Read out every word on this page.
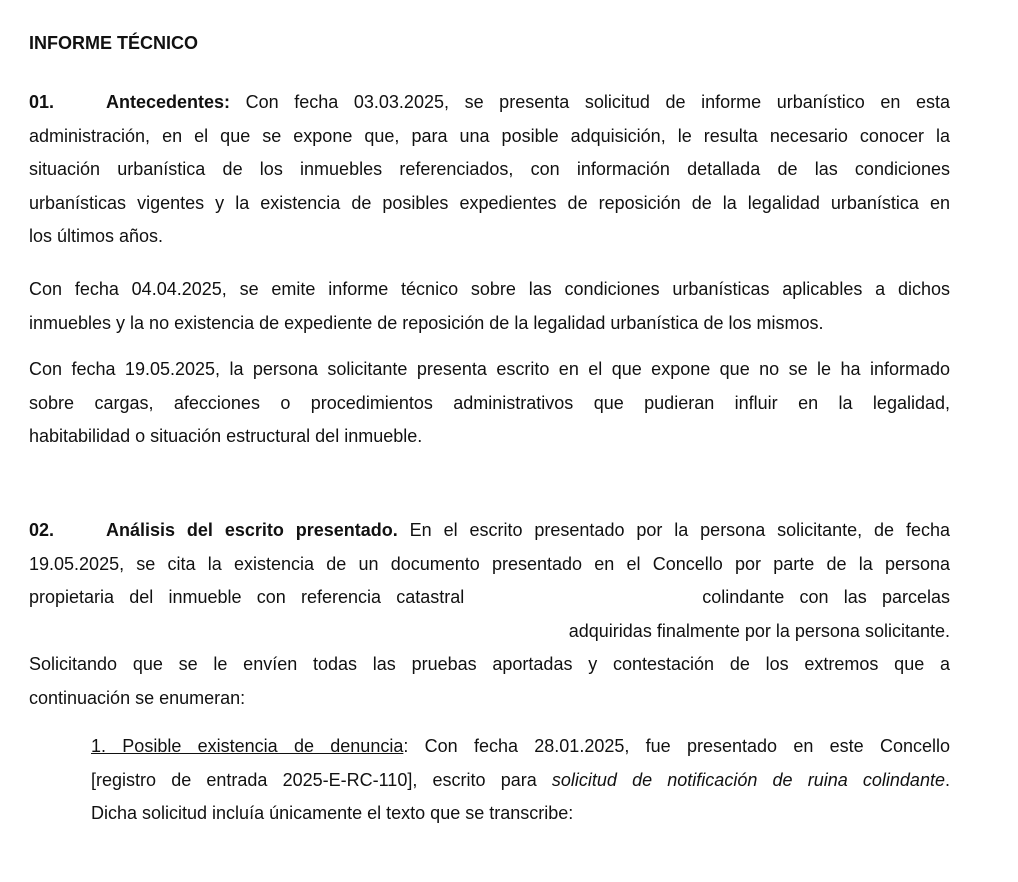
INFORME TÉCNICO
01.	Antecedentes: Con fecha 03.03.2025, se presenta solicitud de informe urbanístico en esta
administración, en el que se expone que, para una posible adquisición, le resulta necesario conocer la
situación urbanística de los inmuebles referenciados, con información detallada de las condiciones
urbanísticas vigentes y la existencia de posibles expedientes de reposición de la legalidad urbanística en
los últimos años.
Con fecha 04.04.2025, se emite informe técnico sobre las condiciones urbanísticas aplicables a dichos
inmuebles y la no existencia de expediente de reposición de la legalidad urbanística de los mismos.
Con fecha 19.05.2025, la persona solicitante presenta escrito en el que expone que no se le ha informado
sobre cargas, afecciones o procedimientos administrativos que pudieran influir en la legalidad,
habitabilidad o situación estructural del inmueble.
02.	Análisis del escrito presentado. En el escrito presentado por la persona solicitante, de fecha
19.05.2025, se cita la existencia de un documento presentado en el Concello por parte de la persona
propietaria del inmueble con referencia catastral	colindante con las parcelas
adquiridas finalmente por la persona solicitante.
Solicitando que se le envíen todas las pruebas aportadas y contestación de los extremos que a
continuación se enumeran:
1. Posible existencia de denuncia: Con fecha 28.01.2025, fue presentado en este Concello
[registro de entrada 2025-E-RC-110], escrito para solicitud de notificación de ruina colindante.
Dicha solicitud incluía únicamente el texto que se transcribe:
